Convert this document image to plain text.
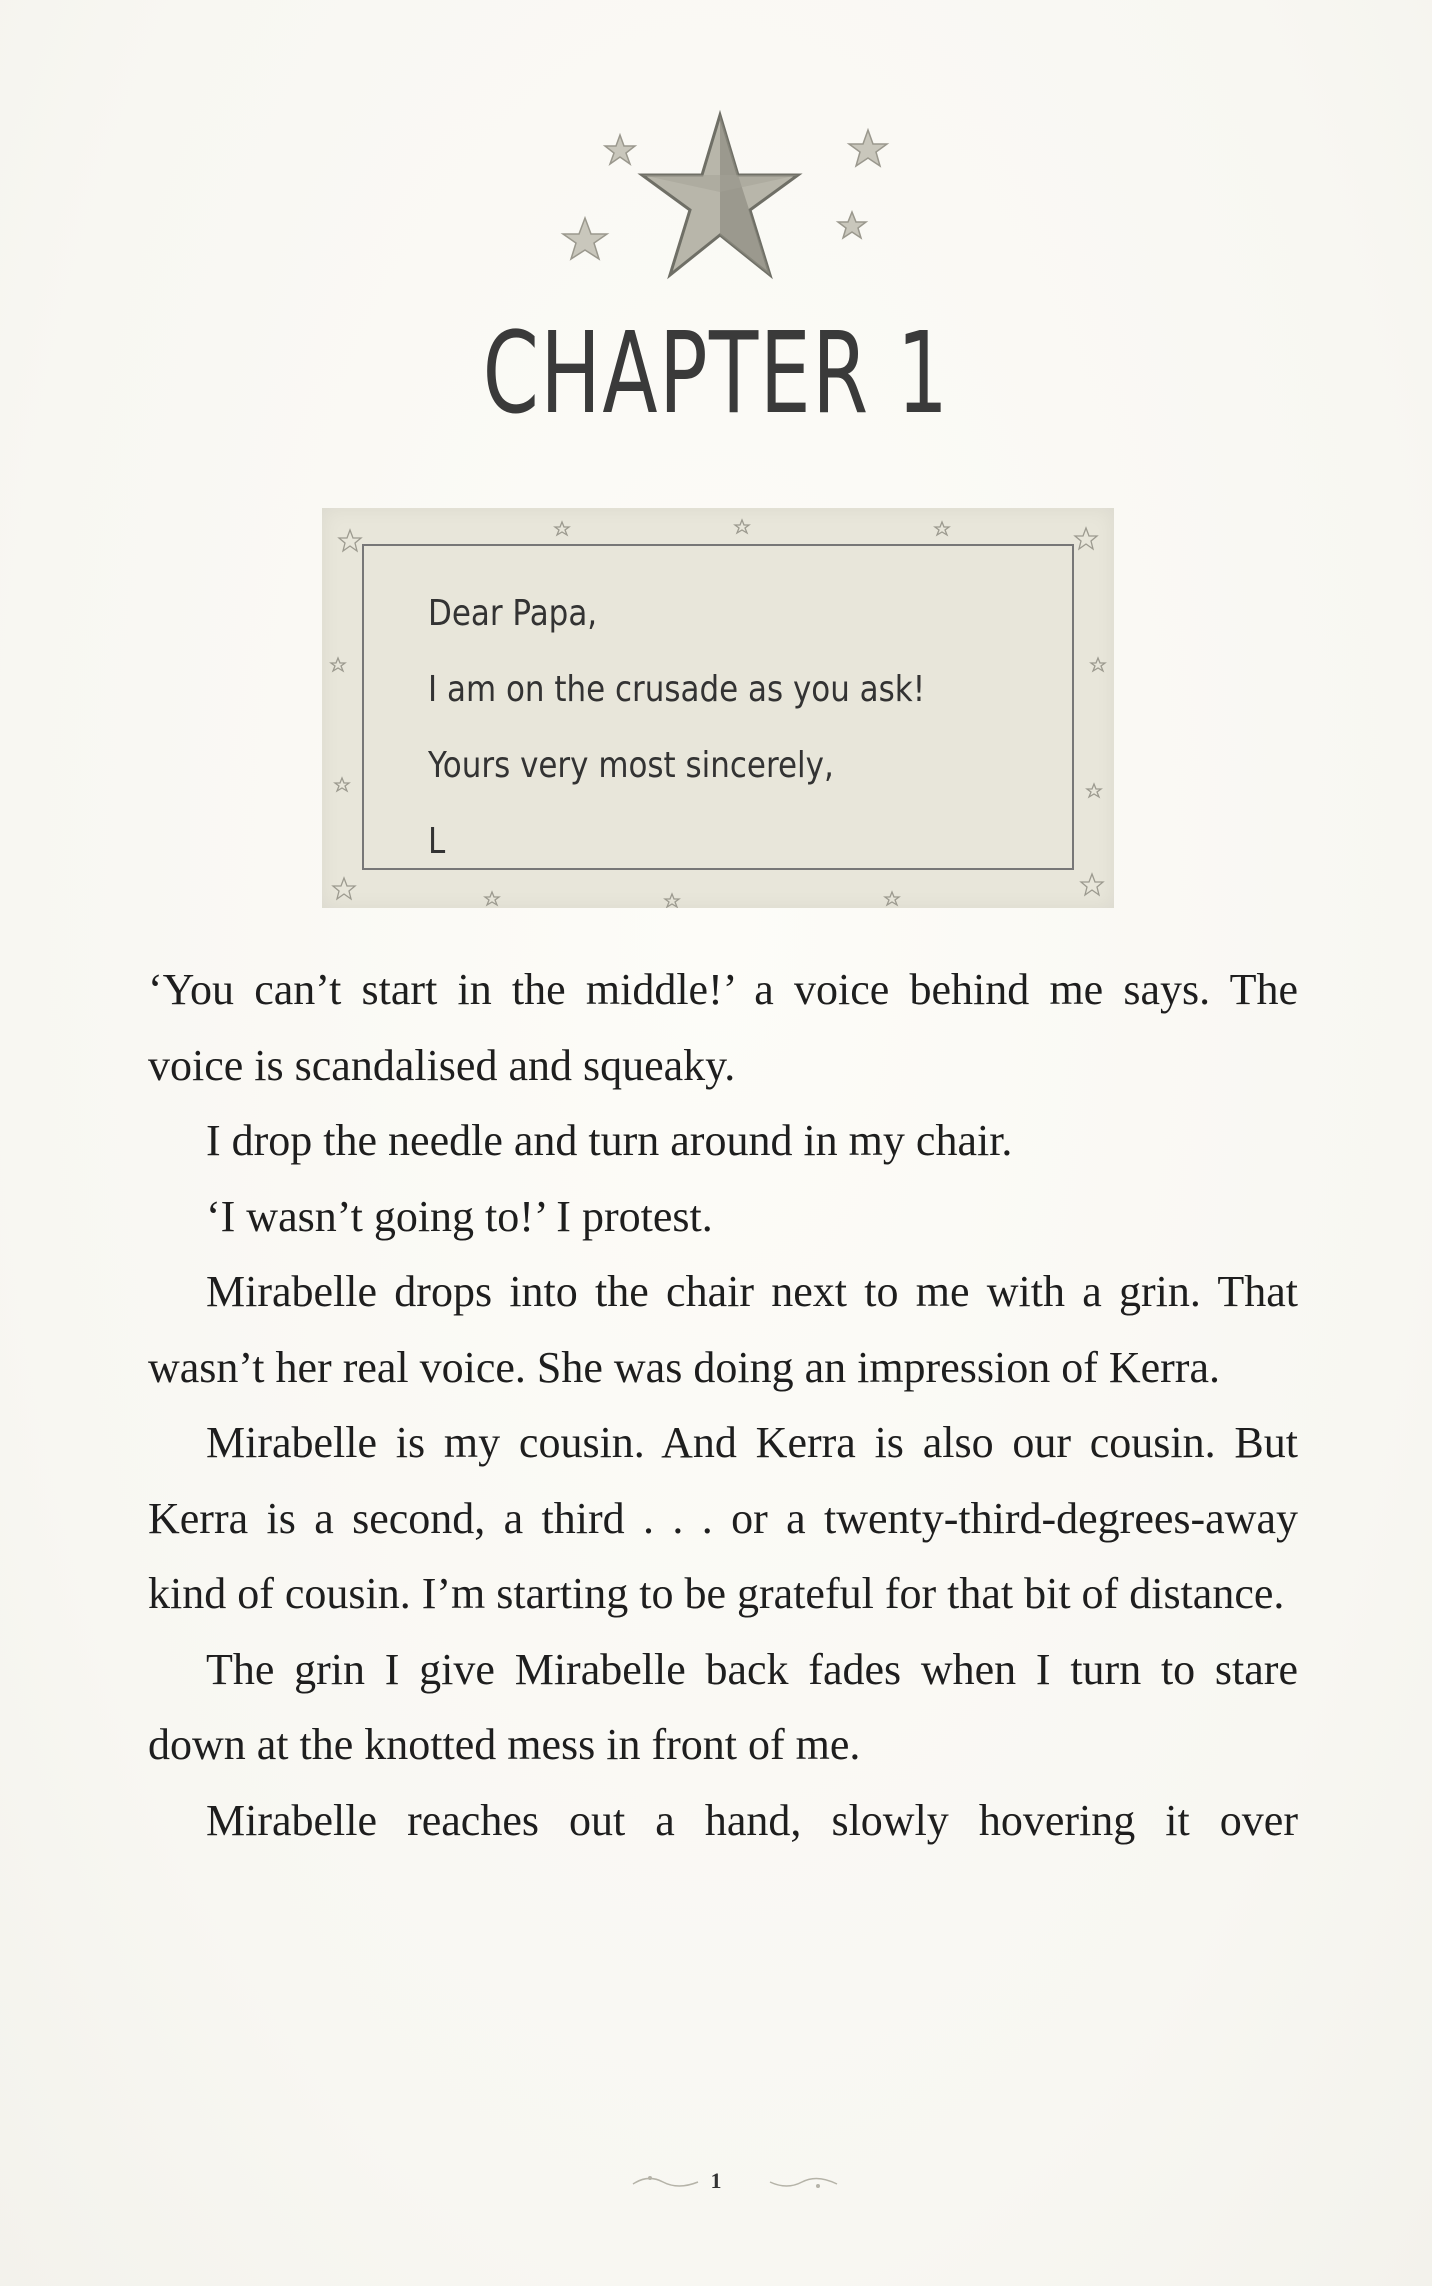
CHAPTER 1
Dear Papa,
I am on the crusade as you ask!
Yours very most sincerely,
L

‘You can’t start in the middle!’ a voice behind me says. The voice is scandalised and squeaky.

I drop the needle and turn around in my chair.

‘I wasn’t going to!’ I protest.

Mirabelle drops into the chair next to me with a grin. That wasn’t her real voice. She was doing an impression of Kerra.

Mirabelle is my cousin. And Kerra is also our cousin. But Kerra is a second, a third . . . or a twenty-third-degrees-away kind of cousin. I’m starting to be grateful for that bit of distance.

The grin I give Mirabelle back fades when I turn to stare down at the knotted mess in front of me.

Mirabelle reaches out a hand, slowly hovering it over

1
